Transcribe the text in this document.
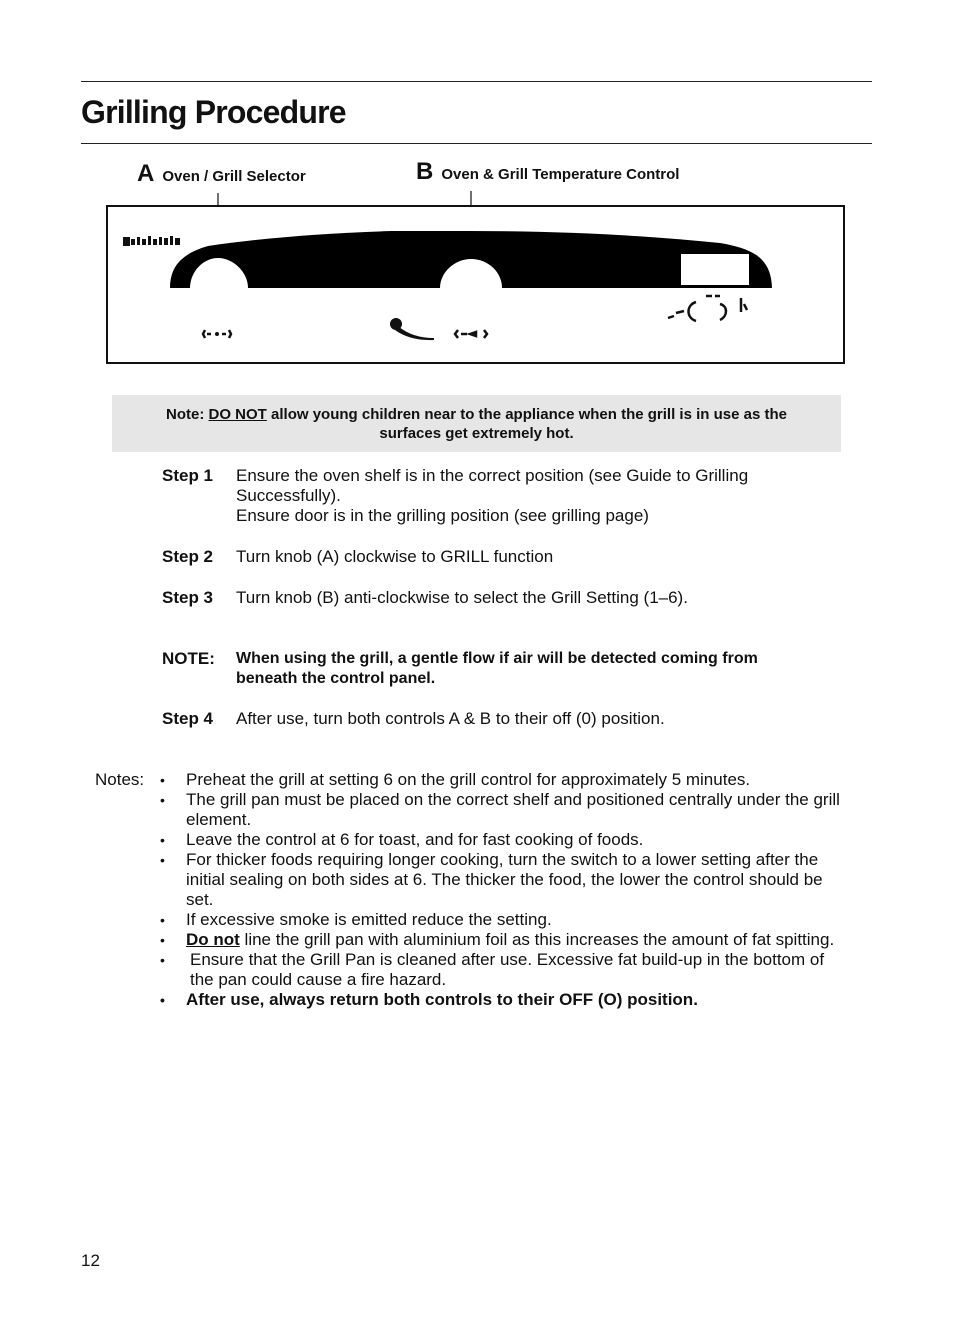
Grilling Procedure
A Oven / Grill Selector	B Oven & Grill Temperature Control
Note: DO NOT allow young children near to the appliance when the grill is in use as the
surfaces get extremely hot.
Step 1 Ensure the oven shelf is in the correct position (see Guide to Grilling
Successfully).
Ensure door is in the grilling position (see grilling page)
Step 2 Turn knob (A) clockwise to GRILL function
Step 3 Turn knob (B) anti-clockwise to select the Grill Setting (1–6).
NOTE: When using the grill, a gentle flow if air will be detected coming from
beneath the control panel.
Step 4 After use, turn both controls A & B to their off (0) position.
Notes:
•	Preheat the grill at setting 6 on the grill control for approximately 5 minutes.
• The grill pan must be placed on the correct shelf and positioned centrally under the grill element.
• Leave the control at 6 for toast, and for fast cooking of foods.
• For thicker foods requiring longer cooking, turn the switch to a lower setting after the initial sealing on both sides at 6. The thicker the food, the lower the control should be set.
• If excessive smoke is emitted reduce the setting.
• Do not line the grill pan with aluminium foil as this increases the amount of fat spitting.
• Ensure that the Grill Pan is cleaned after use. Excessive fat build-up in the bottom of the pan could cause a fire hazard.
• After use, always return both controls to their OFF (O) position.
12
